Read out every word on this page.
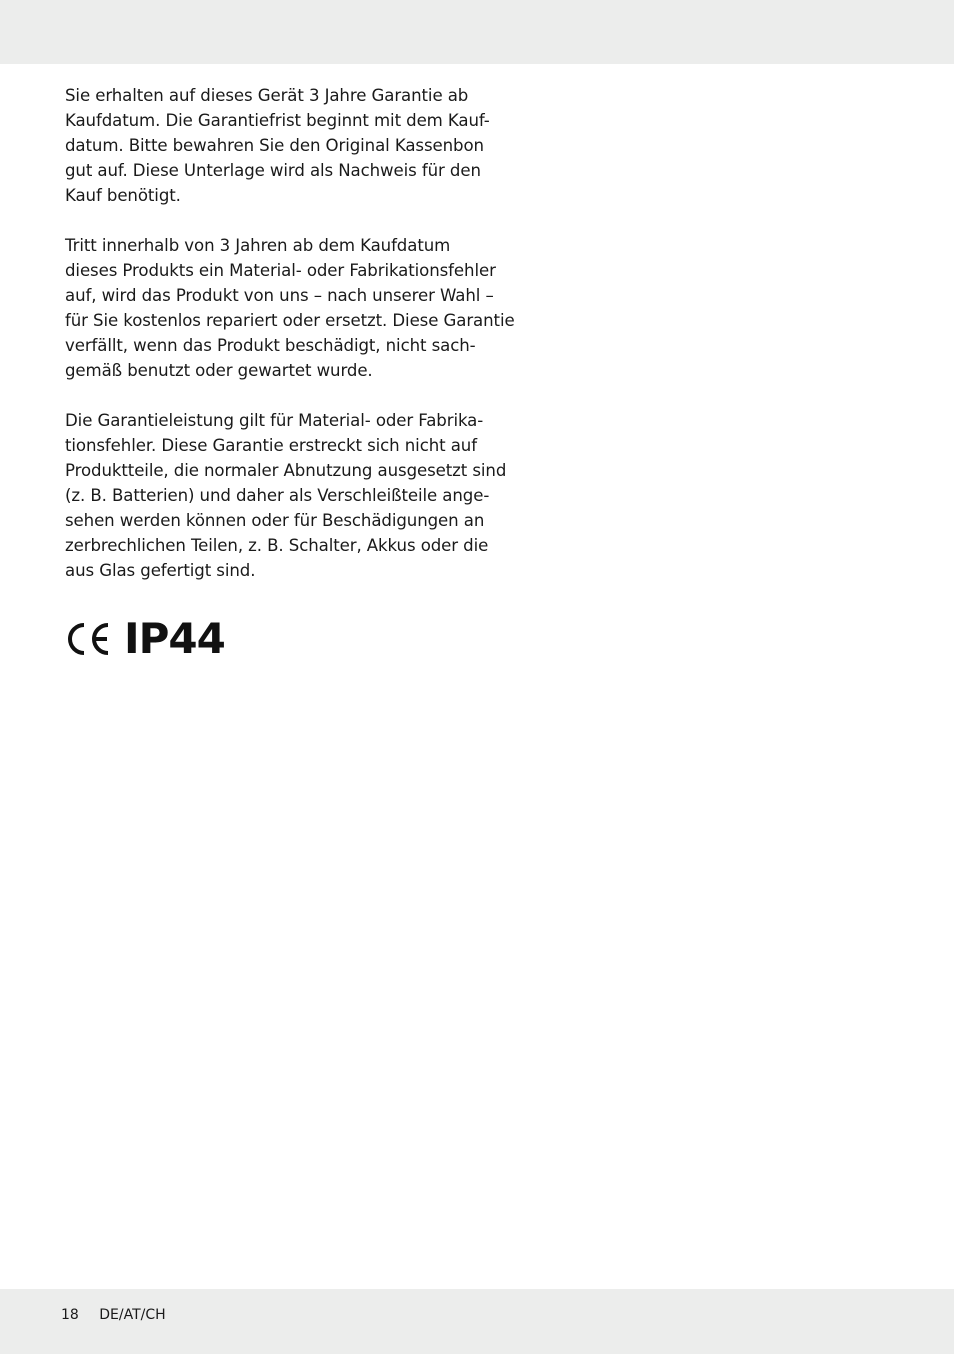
Sie erhalten auf dieses Gerät 3 Jahre Garantie ab
Kaufdatum. Die Garantiefrist beginnt mit dem Kauf-
datum. Bitte bewahren Sie den Original Kassenbon
gut auf. Diese Unterlage wird als Nachweis für den
Kauf benötigt.

Tritt innerhalb von 3 Jahren ab dem Kaufdatum
dieses Produkts ein Material- oder Fabrikationsfehler
auf, wird das Produkt von uns – nach unserer Wahl –
für Sie kostenlos repariert oder ersetzt. Diese Garantie
verfällt, wenn das Produkt beschädigt, nicht sach-
gemäß benutzt oder gewartet wurde.

Die Garantieleistung gilt für Material- oder Fabrika-
tionsfehler. Diese Garantie erstreckt sich nicht auf
Produktteile, die normaler Abnutzung ausgesetzt sind
(z. B. Batterien) und daher als Verschleißteile ange-
sehen werden können oder für Beschädigungen an
zerbrechlichen Teilen, z. B. Schalter, Akkus oder die
aus Glas gefertigt sind.

IP44
18 DE/AT/CH
